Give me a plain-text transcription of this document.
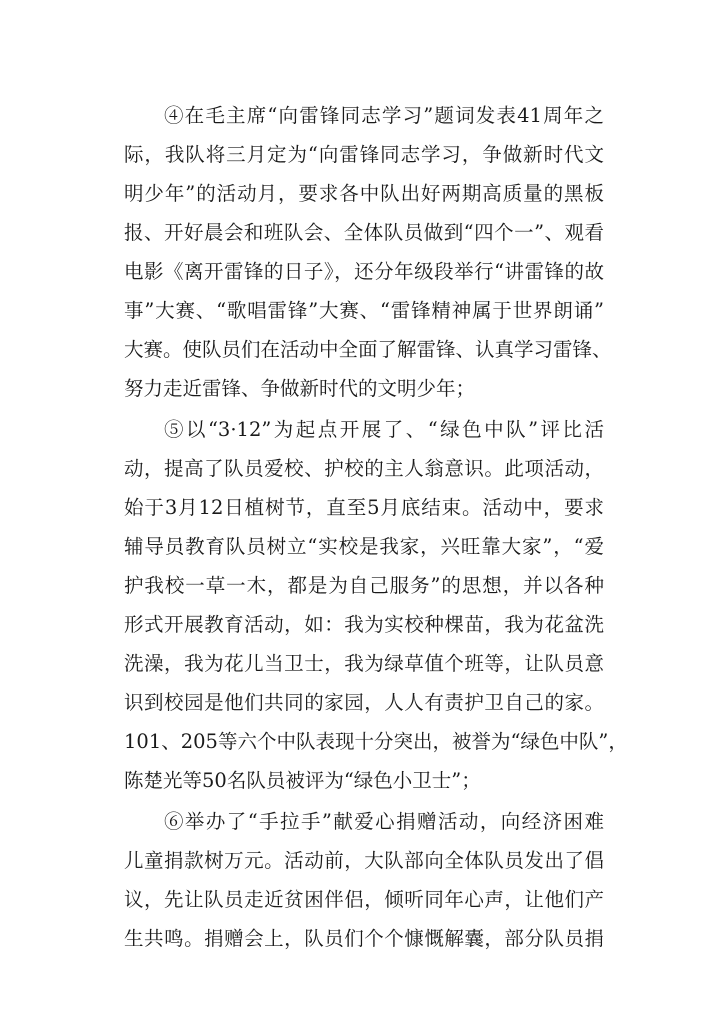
④在毛主席“向雷锋同志学习”题词发表41周年之
际，我队将三月定为“向雷锋同志学习，争做新时代文
明少年”的活动月，要求各中队出好两期高质量的黑板
报、开好晨会和班队会、全体队员做到“四个一”、观看
电影《离开雷锋的日子》，还分年级段举行“讲雷锋的故
事”大赛、“歌唱雷锋”大赛、“雷锋精神属于世界朗诵”
大赛。使队员们在活动中全面了解雷锋、认真学习雷锋、
努力走近雷锋、争做新时代的文明少年；
⑤以“3·12”为起点开展了、“绿色中队”评比活
动，提高了队员爱校、护校的主人翁意识。此项活动，
始于3月12日植树节，直至5月底结束。活动中，要求
辅导员教育队员树立“实校是我家，兴旺靠大家”，“爱
护我校一草一木，都是为自己服务”的思想，并以各种
形式开展教育活动，如：我为实校种棵苗，我为花盆洗
洗澡，我为花儿当卫士，我为绿草值个班等，让队员意
识到校园是他们共同的家园，人人有责护卫自己的家。
101、205等六个中队表现十分突出，被誉为“绿色中队”，
陈楚光等50名队员被评为“绿色小卫士”；
⑥举办了“手拉手”献爱心捐赠活动，向经济困难
儿童捐款树万元。活动前，大队部向全体队员发出了倡
议，先让队员走近贫困伴侣，倾听同年心声，让他们产
生共鸣。捐赠会上，队员们个个慷慨解囊，部分队员捐
